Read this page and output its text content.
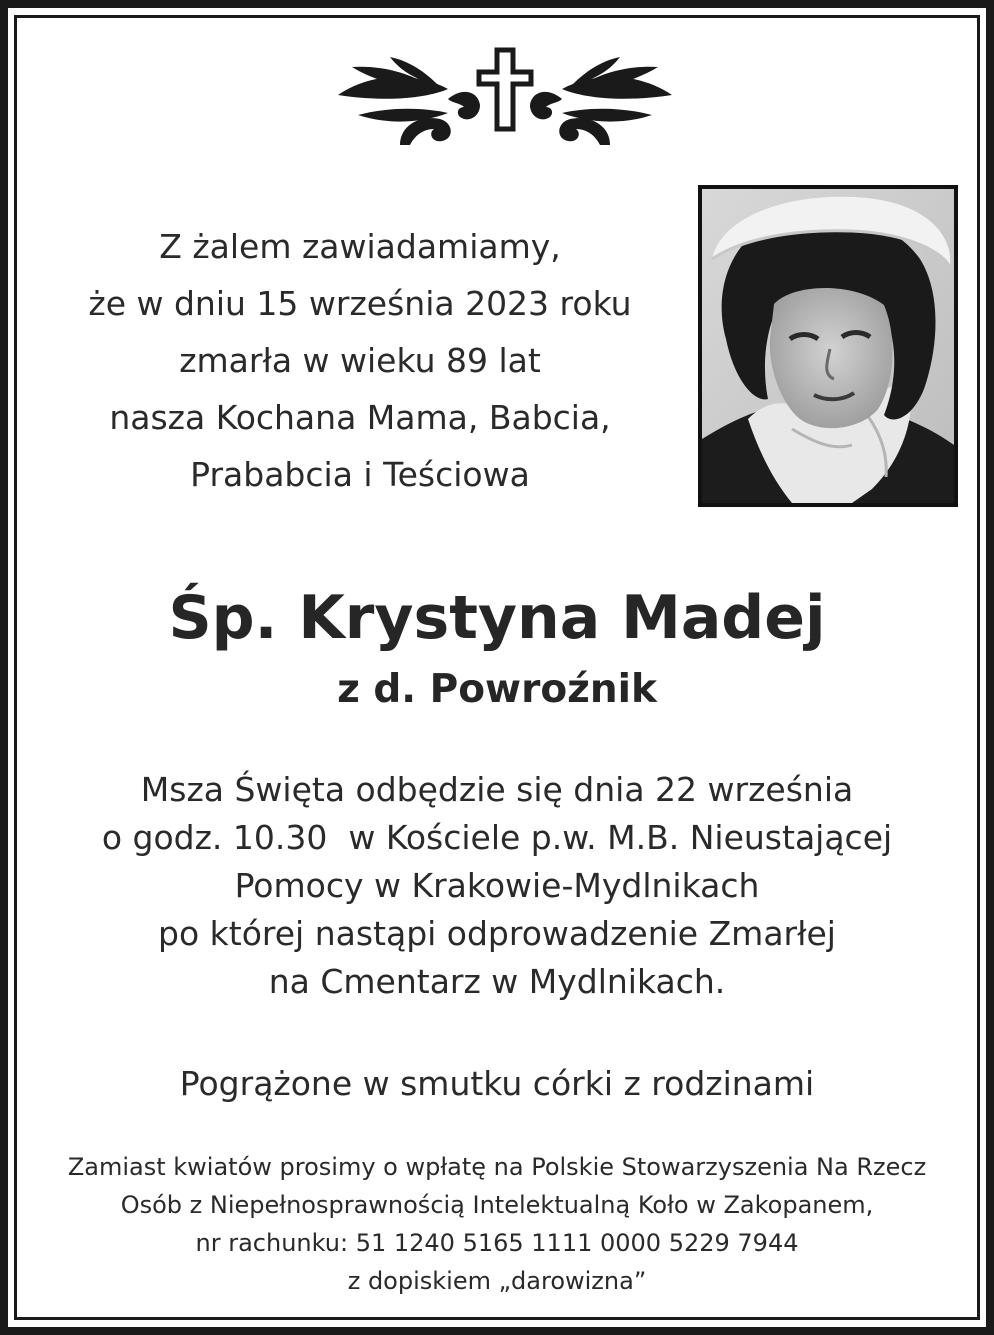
Z żalem zawiadamiamy,
że w dniu 15 września 2023 roku
zmarła w wieku 89 lat
nasza Kochana Mama, Babcia,
Prababcia i Teściowa
Śp. Krystyna Madej
z d. Powroźnik
Msza Święta odbędzie się dnia 22 września
o godz. 10.30  w Kościele p.w. M.B. Nieustającej
Pomocy w Krakowie-Mydlnikach
po której nastąpi odprowadzenie Zmarłej
na Cmentarz w Mydlnikach.
Pogrążone w smutku córki z rodzinami
Zamiast kwiatów prosimy o wpłatę na Polskie Stowarzyszenia Na Rzecz
Osób z Niepełnosprawnością Intelektualną Koło w Zakopanem,
nr rachunku: 51 1240 5165 1111 0000 5229 7944
z dopiskiem „darowizna”
